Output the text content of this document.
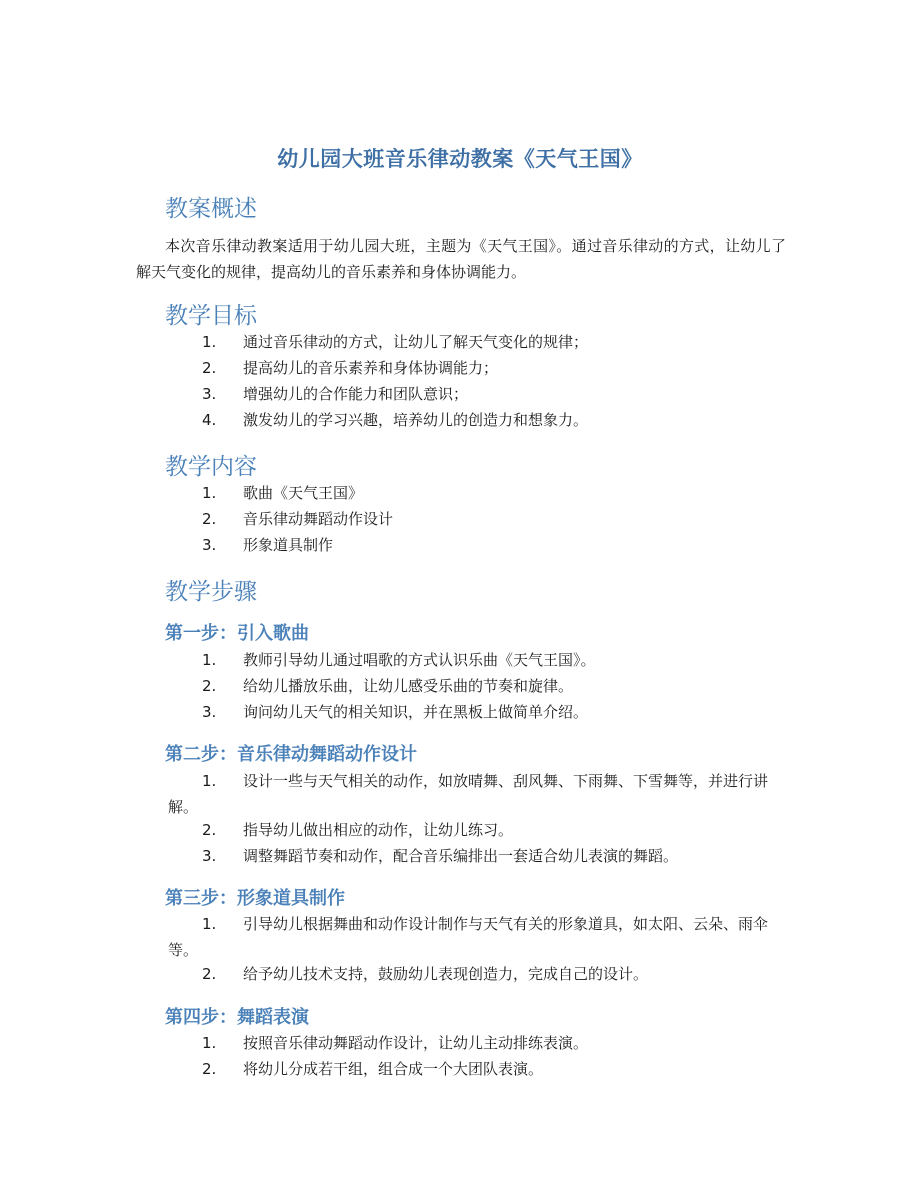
幼儿园大班音乐律动教案《天气王国》
教案概述
本次音乐律动教案适用于幼儿园大班，主题为《天气王国》。通过音乐律动的方式，让幼儿了解天气变化的规律，提高幼儿的音乐素养和身体协调能力。
教学目标
1. 通过音乐律动的方式，让幼儿了解天气变化的规律；
2. 提高幼儿的音乐素养和身体协调能力；
3. 增强幼儿的合作能力和团队意识；
4. 激发幼儿的学习兴趣，培养幼儿的创造力和想象力。
教学内容
1. 歌曲《天气王国》
2. 音乐律动舞蹈动作设计
3. 形象道具制作
教学步骤
第一步：引入歌曲
1. 教师引导幼儿通过唱歌的方式认识乐曲《天气王国》。
2. 给幼儿播放乐曲，让幼儿感受乐曲的节奏和旋律。
3. 询问幼儿天气的相关知识，并在黑板上做简单介绍。
第二步：音乐律动舞蹈动作设计
1. 设计一些与天气相关的动作，如放晴舞、刮风舞、下雨舞、下雪舞等，并进行讲解。
2. 指导幼儿做出相应的动作，让幼儿练习。
3. 调整舞蹈节奏和动作，配合音乐编排出一套适合幼儿表演的舞蹈。
第三步：形象道具制作
1. 引导幼儿根据舞曲和动作设计制作与天气有关的形象道具，如太阳、云朵、雨伞等。
2. 给予幼儿技术支持，鼓励幼儿表现创造力，完成自己的设计。
第四步：舞蹈表演
1. 按照音乐律动舞蹈动作设计，让幼儿主动排练表演。
2. 将幼儿分成若干组，组合成一个大团队表演。
